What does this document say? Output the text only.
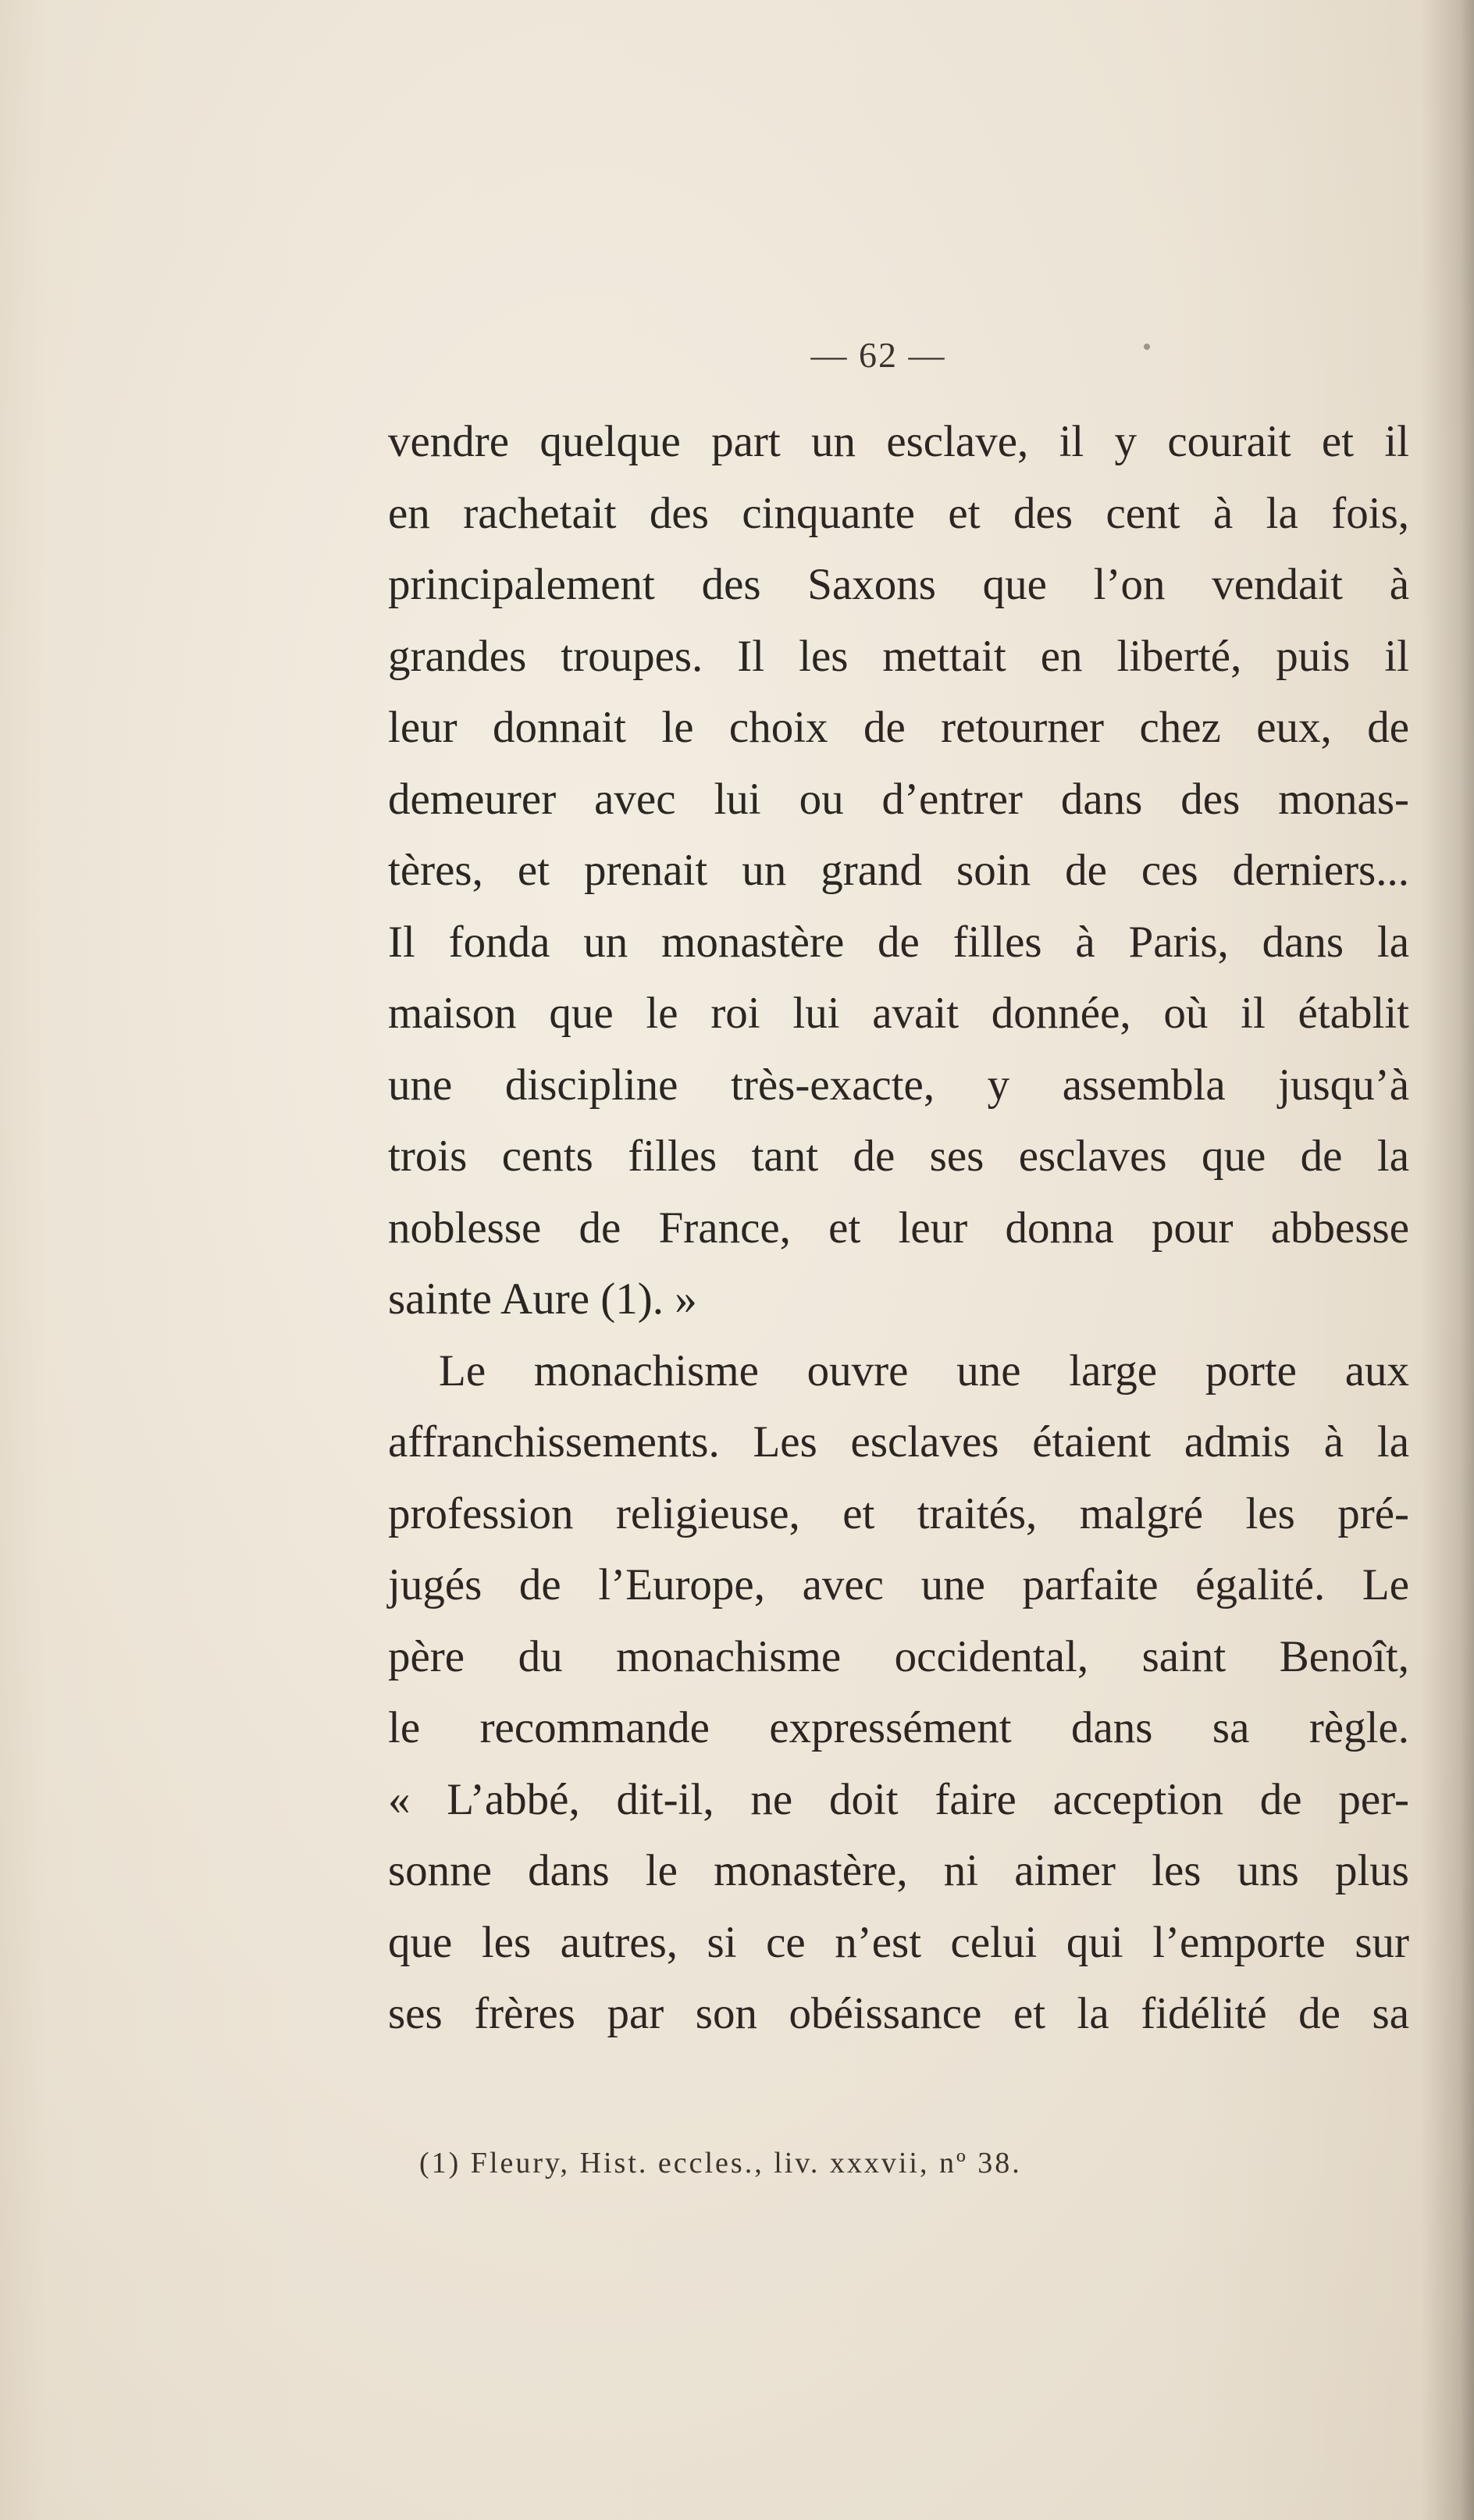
— 62 —
vendre quelque part un esclave, il y courait et il
en rachetait des cinquante et des cent à la fois,
principalement des Saxons que l’on vendait à
grandes troupes. Il les mettait en liberté, puis il
leur donnait le choix de retourner chez eux, de
demeurer avec lui ou d’entrer dans des monas-
tères, et prenait un grand soin de ces derniers...
Il fonda un monastère de filles à Paris, dans la
maison que le roi lui avait donnée, où il établit
une discipline très-exacte, y assembla jusqu’à
trois cents filles tant de ses esclaves que de la
noblesse de France, et leur donna pour abbesse
sainte Aure (1). »
Le monachisme ouvre une large porte aux
affranchissements. Les esclaves étaient admis à la
profession religieuse, et traités, malgré les pré-
jugés de l’Europe, avec une parfaite égalité. Le
père du monachisme occidental, saint Benoît,
le recommande expressément dans sa règle.
« L’abbé, dit-il, ne doit faire acception de per-
sonne dans le monastère, ni aimer les uns plus
que les autres, si ce n’est celui qui l’emporte sur
ses frères par son obéissance et la fidélité de sa
(1) Fleury, Hist. eccles., liv. xxxvii, nº 38.
